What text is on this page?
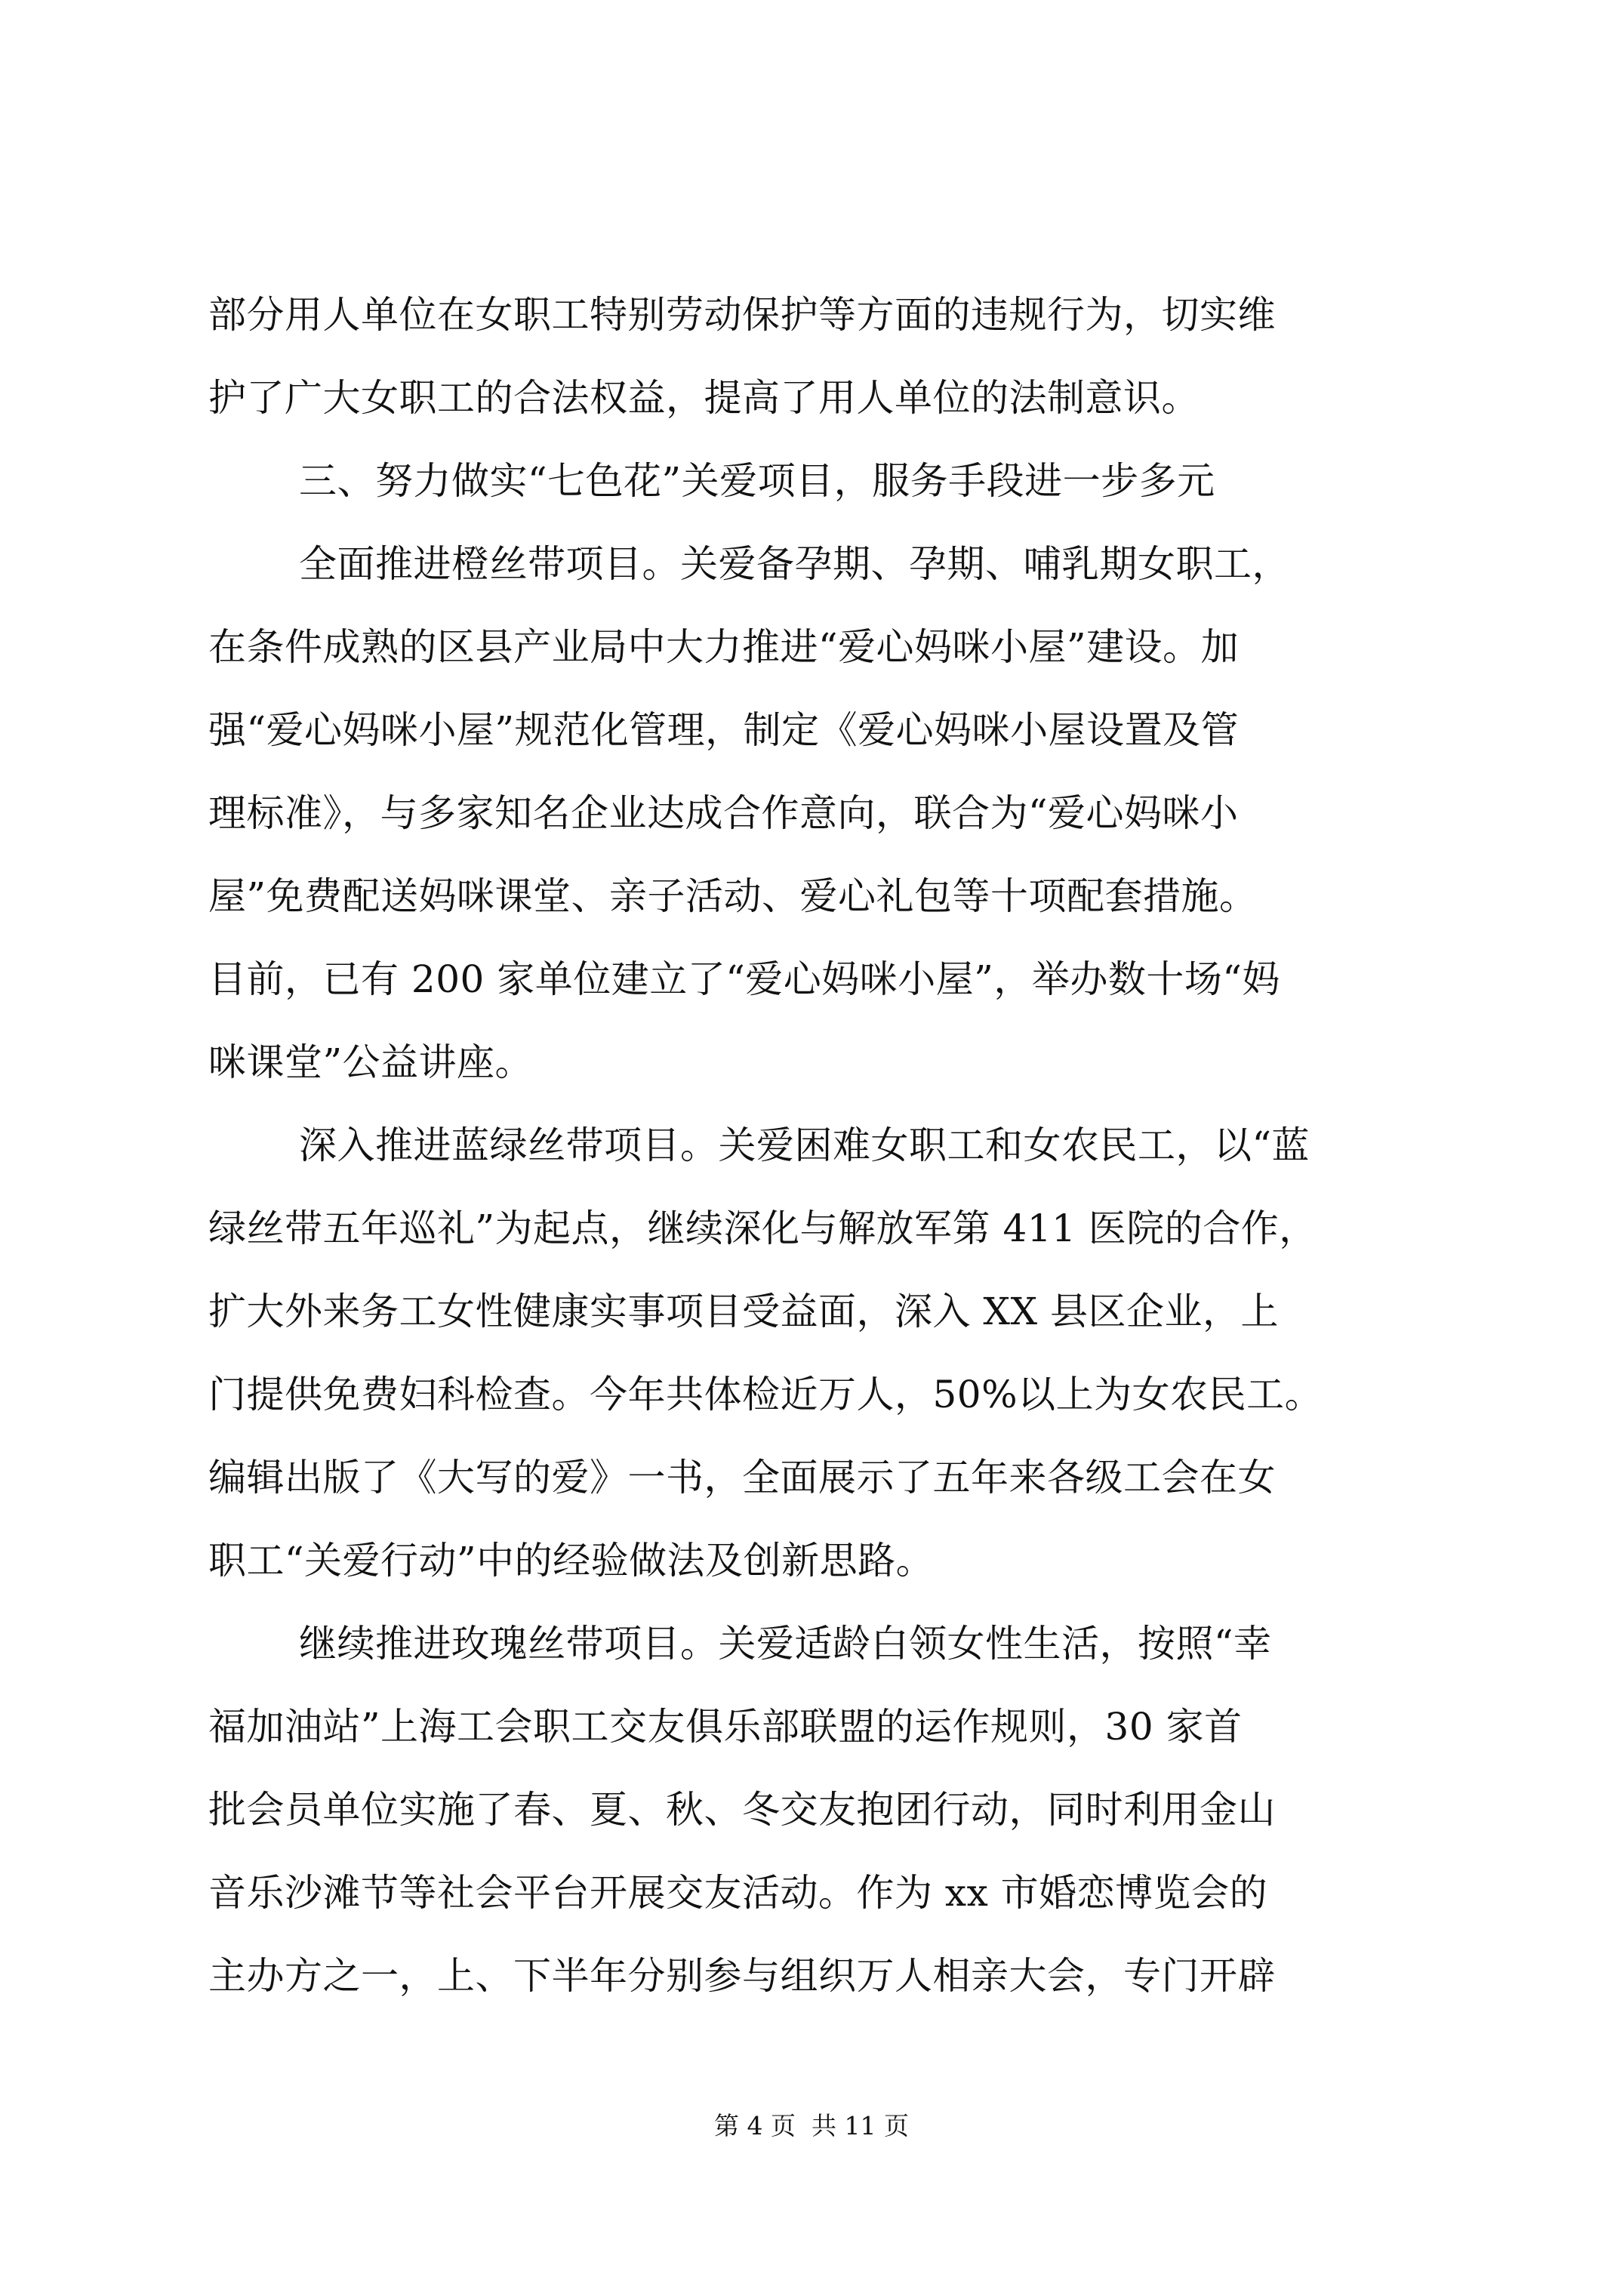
部分用人单位在女职工特别劳动保护等方面的违规行为，切实维
护了广大女职工的合法权益，提高了用人单位的法制意识。
三、努力做实“七色花”关爱项目，服务手段进一步多元
全面推进橙丝带项目。关爱备孕期、孕期、哺乳期女职工，
在条件成熟的区县产业局中大力推进“爱心妈咪小屋”建设。加
强“爱心妈咪小屋”规范化管理，制定《爱心妈咪小屋设置及管
理标准》，与多家知名企业达成合作意向，联合为“爱心妈咪小
屋”免费配送妈咪课堂、亲子活动、爱心礼包等十项配套措施。
目前，已有 200 家单位建立了“爱心妈咪小屋”，举办数十场“妈
咪课堂”公益讲座。
深入推进蓝绿丝带项目。关爱困难女职工和女农民工，以“蓝
绿丝带五年巡礼”为起点，继续深化与解放军第 411 医院的合作，
扩大外来务工女性健康实事项目受益面，深入 XX 县区企业，上
门提供免费妇科检查。今年共体检近万人，50%以上为女农民工。
编辑出版了《大写的爱》一书，全面展示了五年来各级工会在女
职工“关爱行动”中的经验做法及创新思路。
继续推进玫瑰丝带项目。关爱适龄白领女性生活，按照“幸
福加油站”上海工会职工交友俱乐部联盟的运作规则，30 家首
批会员单位实施了春、夏、秋、冬交友抱团行动，同时利用金山
音乐沙滩节等社会平台开展交友活动。作为 xx 市婚恋博览会的
主办方之一，上、下半年分别参与组织万人相亲大会，专门开辟
第 4 页  共 11 页
